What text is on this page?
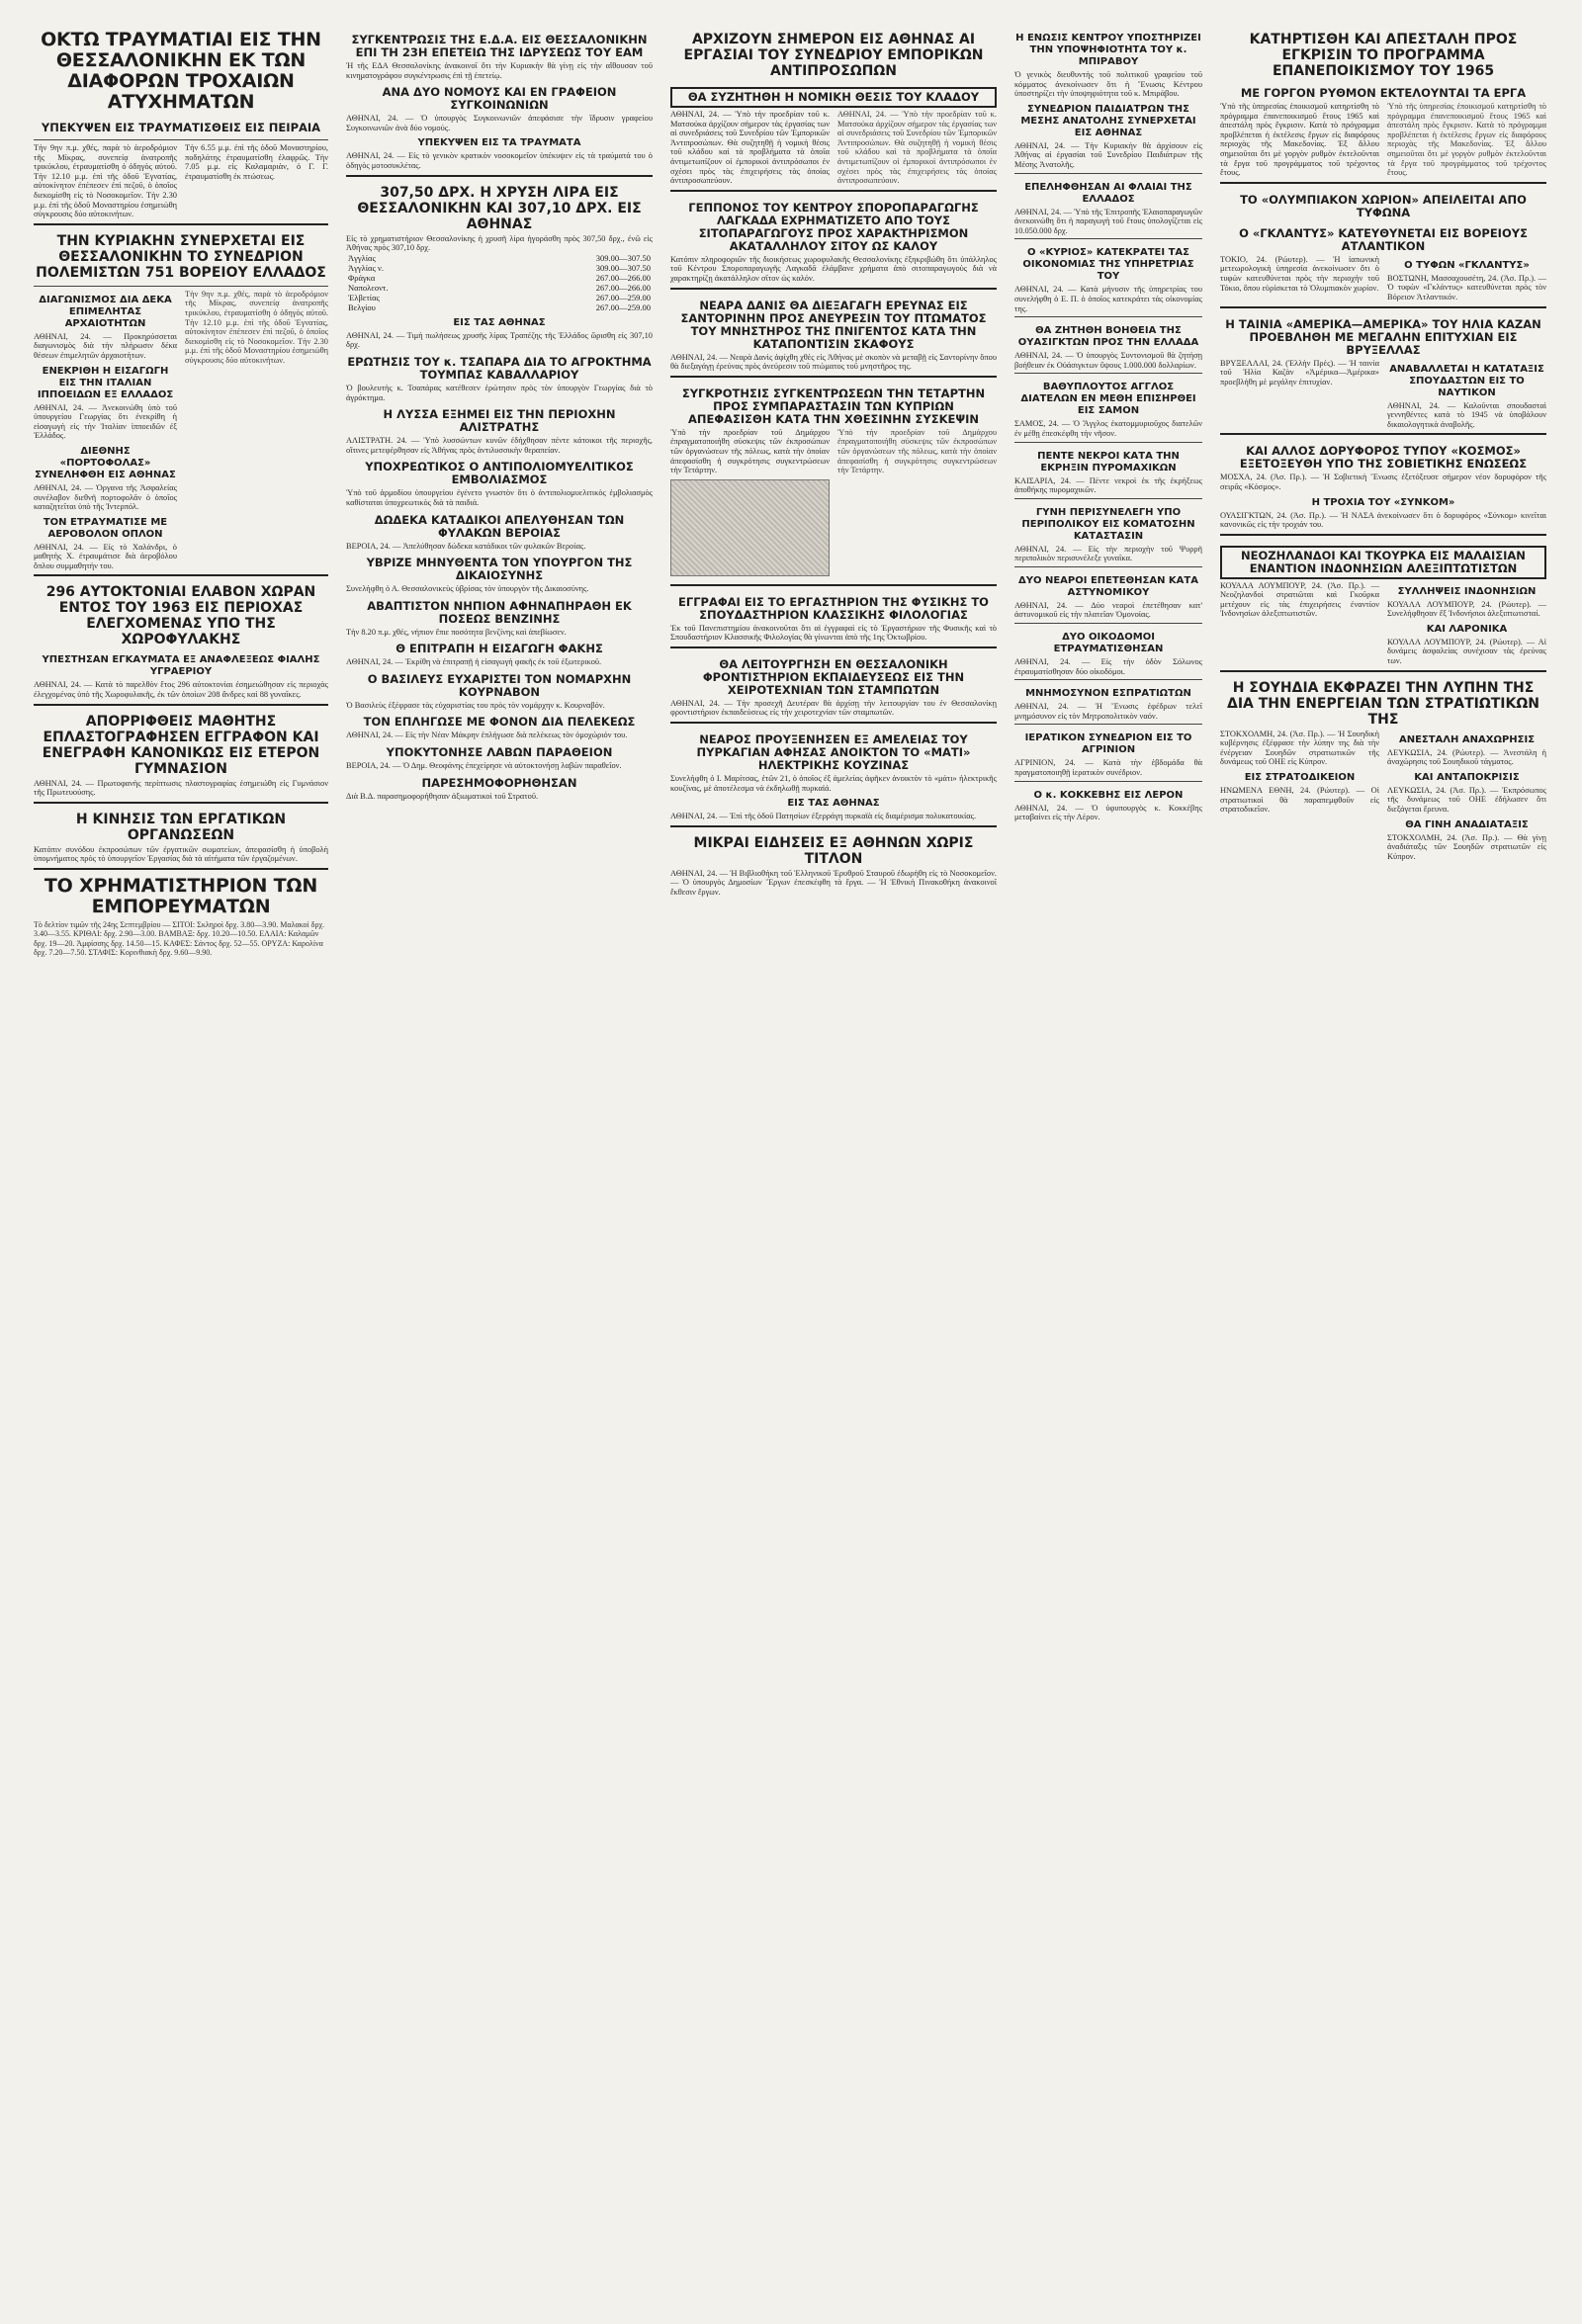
ΟΚΤΩ ΤΡΑΥΜΑΤΙΑΙ ΕΙΣ ΤΗΝ ΘΕΣΣΑΛΟΝΙΚΗΝ ΕΚ ΤΩΝ ΔΙΑΦΟΡΩΝ ΤΡΟΧΑΙΩΝ ΑΤΥΧΗΜΑΤΩΝ
ΥΠΕΚΥΨΕΝ ΕΙΣ ΤΡΑΥΜΑΤΙΣΘΕΙΣ ΕΙΣ ΠΕΙΡΑΙΑ
Τὴν 9ην π.μ. χθές, παρὰ τὸ ἀεροδρόμιον τῆς Μίκρας, συνεπείᾳ ἀνατροπῆς τρικύκλου, ἐτραυματίσθη ὁ ὁδηγὸς αὐτοῦ. Τὴν 12.10 μ.μ. ἐπὶ τῆς ὁδοῦ Ἐγνατίας, αὐτοκίνητον ἐπέπεσεν ἐπὶ πεζοῦ, ὁ ὁποῖος διεκομίσθη εἰς τὸ Νοσοκομεῖον. Τὴν 2.30 μ.μ. ἐπὶ τῆς ὁδοῦ Μοναστηρίου ἐσημειώθη σύγκρουσις δύο αὐτοκινήτων.
Τὴν 6.55 μ.μ. ἐπὶ τῆς ὁδοῦ Μοναστηρίου, ποδηλάτης ἐτραυματίσθη ἐλαφρῶς. Τὴν 7.05 μ.μ. εἰς Καλαμαριὰν, ὁ Γ. Γ. ἐτραυματίσθη ἐκ πτώσεως.
ΤΗΝ ΚΥΡΙΑΚΗΝ ΣΥΝΕΡΧΕΤΑΙ ΕΙΣ ΘΕΣΣΑΛΟΝΙΚΗΝ ΤΟ ΣΥΝΕΔΡΙΟΝ ΠΟΛΕΜΙΣΤΩΝ 751 ΒΟΡΕΙΟΥ ΕΛΛΑΔΟΣ
ΔΙΑΓΩΝΙΣΜΟΣ ΔΙΑ ΔΕΚΑ ΕΠΙΜΕΛΗΤΑΣ ΑΡΧΑΙΟΤΗΤΩΝ
ΑΘΗΝΑΙ, 24. — Προκηρύσσεται διαγωνισμὸς διὰ τὴν πλήρωσιν δέκα θέσεων ἐπιμελητῶν ἀρχαιοτήτων.
ΕΝΕΚΡΙΘΗ Η ΕΙΣΑΓΩΓΗ ΕΙΣ ΤΗΝ ΙΤΑΛΙΑΝ ΙΠΠΟΕΙΔΩΝ ΕΞ ΕΛΛΑΔΟΣ
ΑΘΗΝΑΙ, 24. — Ἀνεκοινώθη ὑπὸ τοῦ ὑπουργείου Γεωργίας ὅτι ἐνεκρίθη ἡ εἰσαγωγὴ εἰς τὴν Ἰταλίαν ἱπποειδῶν ἐξ Ἑλλάδος.
ΔΙΕΘΝΗΣ «ΠΟΡΤΟΦΟΛΑΣ» ΣΥΝΕΛΗΦΘΗ ΕΙΣ ΑΘΗΝΑΣ
ΑΘΗΝΑΙ, 24. — Ὀργανα τῆς Ἀσφαλείας συνέλαβον διεθνῆ πορτοφολᾶν ὁ ὁποῖος καταζητεῖται ὑπὸ τῆς Ἰντερπόλ.
ΤΟΝ ΕΤΡΑΥΜΑΤΙΣΕ ΜΕ ΑΕΡΟΒΟΛΟΝ ΟΠΛΟΝ
ΑΘΗΝΑΙ, 24. — Εἰς τὸ Χαλάνδρι, ὁ μαθητὴς Χ. ἐτραυμάτισε διὰ ἀεροβόλου ὅπλου συμμαθητήν του.
Τὴν 9ην π.μ. χθές, παρὰ τὸ ἀεροδρόμιον τῆς Μίκρας, συνεπείᾳ ἀνατροπῆς τρικύκλου, ἐτραυματίσθη ὁ ὁδηγὸς αὐτοῦ. Τὴν 12.10 μ.μ. ἐπὶ τῆς ὁδοῦ Ἐγνατίας, αὐτοκίνητον ἐπέπεσεν ἐπὶ πεζοῦ, ὁ ὁποῖος διεκομίσθη εἰς τὸ Νοσοκομεῖον. Τὴν 2.30 μ.μ. ἐπὶ τῆς ὁδοῦ Μοναστηρίου ἐσημειώθη σύγκρουσις δύο αὐτοκινήτων.
296 ΑΥΤΟΚΤΟΝΙΑΙ ΕΛΑΒΟΝ ΧΩΡΑΝ ΕΝΤΟΣ ΤΟΥ 1963 ΕΙΣ ΠΕΡΙΟΧΑΣ ΕΛΕΓΧΟΜΕΝΑΣ ΥΠΟ ΤΗΣ ΧΩΡΟΦΥΛΑΚΗΣ
ΥΠΕΣΤΗΣΑΝ ΕΓΚΑΥΜΑΤΑ ΕΞ ΑΝΑΦΛΕΞΕΩΣ ΦΙΑΛΗΣ ΥΓΡΑΕΡΙΟΥ
ΑΘΗΝΑΙ, 24. — Κατὰ τὸ παρελθὸν ἔτος 296 αὐτοκτονίαι ἐσημειώθησαν εἰς περιοχὰς ἐλεγχομένας ὑπὸ τῆς Χωροφυλακῆς, ἐκ τῶν ὁποίων 208 ἄνδρες καὶ 88 γυναῖκες.
ΑΠΟΡΡΙΦΘΕΙΣ ΜΑΘΗΤΗΣ ΕΠΛΑΣΤΟΓΡΑΦΗΣΕΝ ΕΓΓΡΑΦΟΝ ΚΑΙ ΕΝΕΓΡΑΦΗ ΚΑΝΟΝΙΚΩΣ ΕΙΣ ΕΤΕΡΟΝ ΓΥΜΝΑΣΙΟΝ
ΑΘΗΝΑΙ, 24. — Πρωτοφανὴς περίπτωσις πλαστογραφίας ἐσημειώθη εἰς Γυμνάσιον τῆς Πρωτευούσης.
Η ΚΙΝΗΣΙΣ ΤΩΝ ΕΡΓΑΤΙΚΩΝ ΟΡΓΑΝΩΣΕΩΝ
Κατόπιν συνόδου ἐκπροσώπων τῶν ἐργατικῶν σωματείων, ἀπεφασίσθη ἡ ὑποβολὴ ὑπομνήματος πρὸς τὸ ὑπουργεῖον Ἐργασίας διὰ τὰ αἰτήματα τῶν ἐργαζομένων.
ΤΟ ΧΡΗΜΑΤΙΣΤΗΡΙΟΝ ΤΩΝ ΕΜΠΟΡΕΥΜΑΤΩΝ
Τὸ δελτίον τιμῶν τῆς 24ης Σεπτεμβρίου — ΣΙΤΟΙ: Σκληροὶ δρχ. 3.80—3.90. Μαλακοὶ δρχ. 3.40—3.55. ΚΡΙΘΑΙ: δρχ. 2.90—3.00. ΒΑΜΒΑΞ: δρχ. 10.20—10.50. ΕΛΑΙΑ: Καλαμῶν δρχ. 19—20. Ἀμφίσσης δρχ. 14.50—15. ΚΑΦΕΣ: Σάντος δρχ. 52—55. ΟΡΥΖΑ: Καρολίνα δρχ. 7.20—7.50. ΣΤΑΦΙΣ: Κορινθιακὴ δρχ. 9.60—9.90.
ΣΥΓΚΕΝΤΡΩΣΙΣ ΤΗΣ Ε.Δ.Α. ΕΙΣ ΘΕΣΣΑΛΟΝΙΚΗΝ ΕΠΙ ΤΗ 23Η ΕΠΕΤΕΙΩ ΤΗΣ ΙΔΡΥΣΕΩΣ ΤΟΥ ΕΑΜ
Ἡ τῆς ΕΔΑ Θεσσαλονίκης ἀνακοινοῖ ὅτι τὴν Κυριακὴν θὰ γίνῃ εἰς τὴν αἴθουσαν τοῦ κινηματογράφου συγκέντρωσις ἐπὶ τῇ ἐπετείῳ.
ΑΝΑ ΔΥΟ ΝΟΜΟΥΣ ΚΑΙ ΕΝ ΓΡΑΦΕΙΟΝ ΣΥΓΚΟΙΝΩΝΙΩΝ
ΑΘΗΝΑΙ, 24. — Ὁ ὑπουργὸς Συγκοινωνιῶν ἀπεφάσισε τὴν ἵδρυσιν γραφείου Συγκοινωνιῶν ἀνὰ δύο νομούς.
ΥΠΕΚΥΨΕΝ ΕΙΣ ΤΑ ΤΡΑΥΜΑΤΑ
ΑΘΗΝΑΙ, 24. — Εἰς τὸ γενικὸν κρατικὸν νοσοκομεῖον ὑπέκυψεν εἰς τὰ τραύματά του ὁ ὁδηγὸς μοτοσυκλέτας.
307,50 ΔΡΧ. Η ΧΡΥΣΗ ΛΙΡΑ ΕΙΣ ΘΕΣΣΑΛΟΝΙΚΗΝ ΚΑΙ 307,10 ΔΡΧ. ΕΙΣ ΑΘΗΝΑΣ
Εἰς τὸ χρηματιστήριον Θεσσαλονίκης ἡ χρυσῆ λίρα ἠγοράσθη πρὸς 307,50 δρχ., ἐνῶ εἰς Ἀθήνας πρὸς 307,10 δρχ.
Ἀγγλίας	309.00—307.50
Ἀγγλίας ν.	309.00—307.50
Φράγκα	267.00—266.00
Ναπολεοντ.	267.00—266.00
Ἑλβετίας	267.00—259.00
Βελγίου	267.00—259.00
ΕΙΣ ΤΑΣ ΑΘΗΝΑΣ
ΑΘΗΝΑΙ, 24. — Τιμὴ πωλήσεως χρυσῆς λίρας Τραπέζης τῆς Ἑλλάδος ὥρισθη εἰς 307,10 δρχ.
ΕΡΩΤΗΣΙΣ ΤΟΥ κ. ΤΣΑΠΑΡΑ ΔΙΑ ΤΟ ΑΓΡΟΚΤΗΜΑ ΤΟΥΜΠΑΣ ΚΑΒΑΛΛΑΡΙΟΥ
Ὁ βουλευτὴς κ. Τσαπάρας κατέθεσεν ἐρώτησιν πρὸς τὸν ὑπουργὸν Γεωργίας διὰ τὸ ἀγρόκτημα.
Η ΛΥΣΣΑ ΕΞΗΜΕΙ ΕΙΣ ΤΗΝ ΠΕΡΙΟΧΗΝ ΑΛΙΣΤΡΑΤΗΣ
ΑΛΙΣΤΡΑΤΗ. 24. — Ὑπὸ λυσσώντων κυνῶν ἐδήχθησαν πέντε κάτοικοι τῆς περιοχῆς, οἵτινες μετεφέρθησαν εἰς Ἀθήνας πρὸς ἀντιλυσσικὴν θεραπείαν.
ΥΠΟΧΡΕΩΤΙΚΟΣ Ο ΑΝΤΙΠΟΛΙΟΜΥΕΛΙΤΙΚΟΣ ΕΜΒΟΛΙΑΣΜΟΣ
Ὑπὸ τοῦ ἁρμοδίου ὑπουργείου ἐγένετο γνωστὸν ὅτι ὁ ἀντιπολιομυελιτικὸς ἐμβολιασμὸς καθίσταται ὑποχρεωτικὸς διὰ τὰ παιδιά.
ΔΩΔΕΚΑ ΚΑΤΑΔΙΚΟΙ ΑΠΕΛΥΘΗΣΑΝ ΤΩΝ ΦΥΛΑΚΩΝ ΒΕΡΟΙΑΣ
ΒΕΡΟΙΑ, 24. — Ἀπελύθησαν δώδεκα κατάδικοι τῶν φυλακῶν Βεροίας.
ΥΒΡΙΖΕ ΜΗΝΥΘΕΝΤΑ ΤΟΝ ΥΠΟΥΡΓΟΝ ΤΗΣ ΔΙΚΑΙΟΣΥΝΗΣ
Συνελήφθη ὁ Α. Θεσσαλονικεὺς ὑβρίσας τὸν ὑπουργὸν τῆς Δικαιοσύνης.
ΑΒΑΠΤΙΣΤΟΝ ΝΗΠΙΟΝ ΑΦΗΝΑΠΗΡΑΘΗ ΕΚ ΠΟΣΕΩΣ ΒΕΝΖΙΝΗΣ
Τὴν 8.20 π.μ. χθές, νήπιον ἔπιε ποσότητα βενζίνης καὶ ἀπεβίωσεν.
Θ ΕΠΙΤΡΑΠΗ Η ΕΙΣΑΓΩΓΗ ΦΑΚΗΣ
ΑΘΗΝΑΙ, 24. — Ἐκρίθη νὰ ἐπιτραπῇ ἡ εἰσαγωγὴ φακῆς ἐκ τοῦ ἐξωτερικοῦ.
Ο ΒΑΣΙΛΕΥΣ ΕΥΧΑΡΙΣΤΕΙ ΤΟΝ ΝΟΜΑΡΧΗΝ ΚΟΥΡΝΑΒΟΝ
Ὁ Βασιλεὺς ἐξέφρασε τὰς εὐχαριστίας του πρὸς τὸν νομάρχην κ. Κουρναβόν.
ΤΟΝ ΕΠΛΗΓΩΣΕ ΜΕ ΦΟΝΟΝ ΔΙΑ ΠΕΛΕΚΕΩΣ
ΑΘΗΝΑΙ, 24. — Εἰς τὴν Νέαν Μάκρην ἐπλήγωσε διὰ πελέκεως τὸν ὁμοχώριόν του.
ΥΠΟΚΥΤΟΝΗΣΕ ΛΑΒΩΝ ΠΑΡΑΘΕΙΟΝ
ΒΕΡΟΙΑ, 24. — Ὁ Δημ. Θεοφάνης ἐπεχείρησε νὰ αὐτοκτονήσῃ λαβὼν παραθεῖον.
ΠΑΡΕΣΗΜΟΦΟΡΗΘΗΣΑΝ
Διὰ Β.Δ. παρασημοφορήθησαν ἀξιωματικοὶ τοῦ Στρατοῦ.
ΑΡΧΙΖΟΥΝ ΣΗΜΕΡΟΝ ΕΙΣ ΑΘΗΝΑΣ ΑΙ ΕΡΓΑΣΙΑΙ ΤΟΥ ΣΥΝΕΔΡΙΟΥ ΕΜΠΟΡΙΚΩΝ ΑΝΤΙΠΡΟΣΩΠΩΝ
ΘΑ ΣΥΖΗΤΗΘΗ Η ΝΟΜΙΚΗ ΘΕΣΙΣ ΤΟΥ ΚΛΑΔΟΥ
ΑΘΗΝΑΙ, 24. — Ὑπὸ τὴν προεδρίαν τοῦ κ. Ματσούκα ἀρχίζουν σήμερον τὰς ἐργασίας των αἱ συνεδριάσεις τοῦ Συνεδρίου τῶν Ἐμπορικῶν Ἀντιπροσώπων. Θὰ συζητηθῇ ἡ νομικὴ θέσις τοῦ κλάδου καὶ τὰ προβλήματα τὰ ὁποῖα ἀντιμετωπίζουν οἱ ἐμπορικοὶ ἀντιπρόσωποι ἐν σχέσει πρὸς τὰς ἐπιχειρήσεις τὰς ὁποίας ἀντιπροσωπεύουν.
ΑΘΗΝΑΙ, 24. — Ὑπὸ τὴν προεδρίαν τοῦ κ. Ματσούκα ἀρχίζουν σήμερον τὰς ἐργασίας των αἱ συνεδριάσεις τοῦ Συνεδρίου τῶν Ἐμπορικῶν Ἀντιπροσώπων. Θὰ συζητηθῇ ἡ νομικὴ θέσις τοῦ κλάδου καὶ τὰ προβλήματα τὰ ὁποῖα ἀντιμετωπίζουν οἱ ἐμπορικοὶ ἀντιπρόσωποι ἐν σχέσει πρὸς τὰς ἐπιχειρήσεις τὰς ὁποίας ἀντιπροσωπεύουν.
ΓΕΠΠΟΝΟΣ ΤΟΥ ΚΕΝΤΡΟΥ ΣΠΟΡΟΠΑΡΑΓΩΓΗΣ ΛΑΓΚΑΔΑ ΕΧΡΗΜΑΤΙΖΕΤΟ ΑΠΟ ΤΟΥΣ ΣΙΤΟΠΑΡΑΓΩΓΟΥΣ ΠΡΟΣ ΧΑΡΑΚΤΗΡΙΣΜΟΝ ΑΚΑΤΑΛΛΗΛΟΥ ΣΙΤΟΥ ΩΣ ΚΑΛΟΥ
Κατόπιν πληροφοριῶν τῆς διοικήσεως χωροφυλακῆς Θεσσαλονίκης ἐξηκριβώθη ὅτι ὑπάλληλος τοῦ Κέντρου Σποροπαραγωγῆς Λαγκαδᾶ ἐλάμβανε χρήματα ἀπὸ σιτοπαραγωγοὺς διὰ νὰ χαρακτηρίζῃ ἀκατάλληλον σῖτον ὡς καλόν.
ΝΕΑΡΑ ΔΑΝΙΣ ΘΑ ΔΙΕΞΑΓΑΓΗ ΕΡΕΥΝΑΣ ΕΙΣ ΣΑΝΤΟΡΙΝΗΝ ΠΡΟΣ ΑΝΕΥΡΕΣΙΝ ΤΟΥ ΠΤΩΜΑΤΟΣ ΤΟΥ ΜΝΗΣΤΗΡΟΣ ΤΗΣ ΠΝΙΓΕΝΤΟΣ ΚΑΤΑ ΤΗΝ ΚΑΤΑΠΟΝΤΙΣΙΝ ΣΚΑΦΟΥΣ
ΑΘΗΝΑΙ, 24. — Νεαρὰ Δανὶς ἀφίχθη χθὲς εἰς Ἀθήνας μὲ σκοπὸν νὰ μεταβῇ εἰς Σαντορίνην ὅπου θὰ διεξαγάγῃ ἐρεύνας πρὸς ἀνεύρεσιν τοῦ πτώματος τοῦ μνηστῆρος της.
ΣΥΓΚΡΟΤΗΣΙΣ ΣΥΓΚΕΝΤΡΩΣΕΩΝ ΤΗΝ ΤΕΤΑΡΤΗΝ ΠΡΟΣ ΣΥΜΠΑΡΑΣΤΑΣΙΝ ΤΩΝ ΚΥΠΡΙΩΝ ΑΠΕΦΑΣΙΣΘΗ ΚΑΤΑ ΤΗΝ ΧΘΕΣΙΝΗΝ ΣΥΣΚΕΨΙΝ
Ὑπὸ τὴν προεδρίαν τοῦ Δημάρχου ἐπραγματοποιήθη σύσκεψις τῶν ἐκπροσώπων τῶν ὀργανώσεων τῆς πόλεως, κατὰ τὴν ὁποίαν ἀπεφασίσθη ἡ συγκρότησις συγκεντρώσεων τὴν Τετάρτην.
Ὑπὸ τὴν προεδρίαν τοῦ Δημάρχου ἐπραγματοποιήθη σύσκεψις τῶν ἐκπροσώπων τῶν ὀργανώσεων τῆς πόλεως, κατὰ τὴν ὁποίαν ἀπεφασίσθη ἡ συγκρότησις συγκεντρώσεων τὴν Τετάρτην.
ΕΓΓΡΑΦΑΙ ΕΙΣ ΤΟ ΕΡΓΑΣΤΗΡΙΟΝ ΤΗΣ ΦΥΣΙΚΗΣ ΤΟ ΣΠΟΥΔΑΣΤΗΡΙΟΝ ΚΛΑΣΣΙΚΗΣ ΦΙΛΟΛΟΓΙΑΣ
Ἐκ τοῦ Πανεπιστημίου ἀνακοινοῦται ὅτι αἱ ἐγγραφαὶ εἰς τὸ Ἐργαστήριον τῆς Φυσικῆς καὶ τὸ Σπουδαστήριον Κλασσικῆς Φιλολογίας θὰ γίνωνται ἀπὸ τῆς 1ης Ὀκτωβρίου.
ΘΑ ΛΕΙΤΟΥΡΓΗΣΗ ΕΝ ΘΕΣΣΑΛΟΝΙΚΗ ΦΡΟΝΤΙΣΤΗΡΙΟΝ ΕΚΠΑΙΔΕΥΣΕΩΣ ΕΙΣ ΤΗΝ ΧΕΙΡΟΤΕΧΝΙΑΝ ΤΩΝ ΣΤΑΜΠΩΤΩΝ
ΑΘΗΝΑΙ, 24. — Τὴν προσεχῆ Δευτέραν θὰ ἀρχίσῃ τὴν λειτουργίαν του ἐν Θεσσαλονίκῃ φροντιστήριον ἐκπαιδεύσεως εἰς τὴν χειροτεχνίαν τῶν σταμπωτῶν.
ΝΕΑΡΟΣ ΠΡΟΥΞΕΝΗΣΕΝ ΕΞ ΑΜΕΛΕΙΑΣ ΤΟΥ ΠΥΡΚΑΓΙΑΝ ΑΦΗΣΑΣ ΑΝΟΙΚΤΟΝ ΤΟ «ΜΑΤΙ» ΗΛΕΚΤΡΙΚΗΣ ΚΟΥΖΙΝΑΣ
Συνελήφθη ὁ Ι. Μαρίτσας, ἐτῶν 21, ὁ ὁποῖος ἐξ ἀμελείας ἀφῆκεν ἀνοικτὸν τὸ «μάτι» ἠλεκτρικῆς κουζίνας, μὲ ἀποτέλεσμα νὰ ἐκδηλωθῇ πυρκαϊά.
ΕΙΣ ΤΑΣ ΑΘΗΝΑΣ
ΑΘΗΝΑΙ, 24. — Ἐπὶ τῆς ὁδοῦ Πατησίων ἐξερράγη πυρκαϊὰ εἰς διαμέρισμα πολυκατοικίας.
ΜΙΚΡΑΙ ΕΙΔΗΣΕΙΣ ΕΞ ΑΘΗΝΩΝ ΧΩΡΙΣ ΤΙΤΛΟΝ
ΑΘΗΝΑΙ, 24. — Ἡ Βιβλιοθήκη τοῦ Ἑλληνικοῦ Ἐρυθροῦ Σταυροῦ ἐδωρήθη εἰς τὸ Νοσοκομεῖον. — Ὁ ὑπουργὸς Δημοσίων Ἔργων ἐπεσκέφθη τὰ ἔργα. — Ἡ Ἐθνικὴ Πινακοθήκη ἀνακοινοῖ ἔκθεσιν ἔργων.
Η ΕΝΩΣΙΣ ΚΕΝΤΡΟΥ ΥΠΟΣΤΗΡΙΖΕΙ ΤΗΝ ΥΠΟΨΗΦΙΟΤΗΤΑ ΤΟΥ κ. ΜΠΙΡΑΒΟΥ
Ὁ γενικὸς διευθυντὴς τοῦ πολιτικοῦ γραφείου τοῦ κόμματος ἀνεκοίνωσεν ὅτι ἡ Ἕνωσις Κέντρου ὑποστηρίζει τὴν ὑποψηφιότητα τοῦ κ. Μπιράβου.
ΣΥΝΕΔΡΙΟΝ ΠΑΙΔΙΑΤΡΩΝ ΤΗΣ ΜΕΣΗΣ ΑΝΑΤΟΛΗΣ ΣΥΝΕΡΧΕΤΑΙ ΕΙΣ ΑΘΗΝΑΣ
ΑΘΗΝΑΙ, 24. — Τὴν Κυριακὴν θὰ ἀρχίσουν εἰς Ἀθήνας αἱ ἐργασίαι τοῦ Συνεδρίου Παιδιάτρων τῆς Μέσης Ἀνατολῆς.
ΕΠΕΛΗΦΘΗΣΑΝ ΑΙ ΦΛΑΙΑΙ ΤΗΣ ΕΛΛΑΔΟΣ
ΑΘΗΝΑΙ, 24. — Ὑπὸ τῆς Ἐπιτροπῆς Ἐλαιοπαραγωγῶν ἀνεκοινώθη ὅτι ἡ παραγωγὴ τοῦ ἔτους ὑπολογίζεται εἰς 10.050.000 δρχ.
Ο «ΚΥΡΙΟΣ» ΚΑΤΕΚΡΑΤΕΙ ΤΑΣ ΟΙΚΟΝΟΜΙΑΣ ΤΗΣ ΥΠΗΡΕΤΡΙΑΣ ΤΟΥ
ΑΘΗΝΑΙ, 24. — Κατὰ μήνυσιν τῆς ὑπηρετρίας του συνελήφθη ὁ Ε. Π. ὁ ὁποῖος κατεκράτει τὰς οἰκονομίας της.
ΘΑ ΖΗΤΗΘΗ ΒΟΗΘΕΙΑ ΤΗΣ ΟΥΑΣΙΓΚΤΩΝ ΠΡΟΣ ΤΗΝ ΕΛΛΑΔΑ
ΑΘΗΝΑΙ, 24. — Ὁ ὑπουργὸς Συντονισμοῦ θὰ ζητήσῃ βοήθειαν ἐκ Οὐάσιγκτων ὕψους 1.000.000 δολλαρίων.
ΒΑΘΥΠΛΟΥΤΟΣ ΑΓΓΛΟΣ ΔΙΑΤΕΛΩΝ ΕΝ ΜΕΘΗ ΕΠΙΣΗΡΘΕΙ ΕΙΣ ΣΑΜΟΝ
ΣΑΜΟΣ, 24. — Ὁ Ἄγγλος ἐκατομμυριοῦχος διατελῶν ἐν μέθῃ ἐπεσκέφθη τὴν νῆσον.
ΠΕΝΤΕ ΝΕΚΡΟΙ ΚΑΤΑ ΤΗΝ ΕΚΡΗΞΙΝ ΠΥΡΟΜΑΧΙΚΩΝ
ΚΑΙΣΑΡΙΑ, 24. — Πέντε νεκροὶ ἐκ τῆς ἐκρήξεως ἀποθήκης πυρομαχικῶν.
ΓΥΝΗ ΠΕΡΙΣΥΝΕΛΕΓΗ ΥΠΟ ΠΕΡΙΠΟΛΙΚΟΥ ΕΙΣ ΚΟΜΑΤΟΣΗΝ ΚΑΤΑΣΤΑΣΙΝ
ΑΘΗΝΑΙ, 24. — Εἰς τὴν περιοχὴν τοῦ Ψυρρῆ περιπολικὸν περισυνέλεξε γυναῖκα.
ΔΥΟ ΝΕΑΡΟΙ ΕΠΕΤΕΘΗΣΑΝ ΚΑΤΑ ΑΣΤΥΝΟΜΙΚΟΥ
ΑΘΗΝΑΙ, 24. — Δύο νεαροὶ ἐπετέθησαν κατ' ἀστυνομικοῦ εἰς τὴν πλατεῖαν Ὁμονοίας.
ΔΥΟ ΟΙΚΟΔΟΜΟΙ ΕΤΡΑΥΜΑΤΙΣΘΗΣΑΝ
ΑΘΗΝΑΙ, 24. — Εἰς τὴν ὁδὸν Σόλωνος ἐτραυματίσθησαν δύο οἰκοδόμοι.
ΜΝΗΜΟΣΥΝΟΝ ΕΣΠΡΑΤΙΩΤΩΝ
ΑΘΗΝΑΙ, 24. — Ἡ Ἕνωσις ἐφέδρων τελεῖ μνημόσυνον εἰς τὸν Μητροπολιτικὸν ναόν.
ΙΕΡΑΤΙΚΟΝ ΣΥΝΕΔΡΙΟΝ ΕΙΣ ΤΟ ΑΓΡΙΝΙΟΝ
ΑΓΡΙΝΙΟΝ, 24. — Κατὰ τὴν ἑβδομάδα θὰ πραγματοποιηθῇ ἱερατικὸν συνέδριον.
Ο κ. ΚΟΚΚΕΒΗΣ ΕΙΣ ΛΕΡΟΝ
ΑΘΗΝΑΙ, 24. — Ὁ ὑφυπουργὸς κ. Κοκκέβης μεταβαίνει εἰς τὴν Λέρον.
ΚΑΤΗΡΤΙΣΘΗ ΚΑΙ ΑΠΕΣΤΑΛΗ ΠΡΟΣ ΕΓΚΡΙΣΙΝ ΤΟ ΠΡΟΓΡΑΜΜΑ ΕΠΑΝΕΠΟΙΚΙΣΜΟΥ ΤΟΥ 1965
ΜΕ ΓΟΡΓΟΝ ΡΥΘΜΟΝ ΕΚΤΕΛΟΥΝΤΑΙ ΤΑ ΕΡΓΑ
Ὑπὸ τῆς ὑπηρεσίας ἐποικισμοῦ κατηρτίσθη τὸ πρόγραμμα ἐπανεποικισμοῦ ἔτους 1965 καὶ ἀπεστάλη πρὸς ἔγκρισιν. Κατὰ τὸ πρόγραμμα προβλέπεται ἡ ἐκτέλεσις ἔργων εἰς διαφόρους περιοχὰς τῆς Μακεδονίας. Ἐξ ἄλλου σημειοῦται ὅτι μὲ γοργὸν ρυθμὸν ἐκτελοῦνται τὰ ἔργα τοῦ προγράμματος τοῦ τρέχοντος ἔτους.
Ὑπὸ τῆς ὑπηρεσίας ἐποικισμοῦ κατηρτίσθη τὸ πρόγραμμα ἐπανεποικισμοῦ ἔτους 1965 καὶ ἀπεστάλη πρὸς ἔγκρισιν. Κατὰ τὸ πρόγραμμα προβλέπεται ἡ ἐκτέλεσις ἔργων εἰς διαφόρους περιοχὰς τῆς Μακεδονίας. Ἐξ ἄλλου σημειοῦται ὅτι μὲ γοργὸν ρυθμὸν ἐκτελοῦνται τὰ ἔργα τοῦ προγράμματος τοῦ τρέχοντος ἔτους.
ΤΟ «ΟΛΥΜΠΙΑΚΟΝ ΧΩΡΙΟΝ» ΑΠΕΙΛΕΙΤΑΙ ΑΠΟ ΤΥΦΩΝΑ
Ο «ΓΚΛΑΝΤΥΣ» ΚΑΤΕΥΘΥΝΕΤΑΙ ΕΙΣ ΒΟΡΕΙΟΥΣ ΑΤΛΑΝΤΙΚΟΝ
ΤΟΚΙΟ, 24. (Ρώυτερ). — Ἡ ἰαπωνικὴ μετεωρολογικὴ ὑπηρεσία ἀνεκοίνωσεν ὅτι ὁ τυφὼν κατευθύνεται πρὸς τὴν περιοχὴν τοῦ Τόκιο, ὅπου εὑρίσκεται τὸ Ὀλυμπιακὸν χωρίον.
Ο ΤΥΦΩΝ «ΓΚΛΑΝΤΥΣ»
ΒΟΣΤΩΝΗ, Μασσαχουσέτη, 24. (Ἀσ. Πρ.). — Ὁ τυφὼν «Γκλάντυς» κατευθύνεται πρὸς τὸν Βόρειον Ἀτλαντικόν.
Η ΤΑΙΝΙΑ «ΑΜΕΡΙΚΑ—ΑΜΕΡΙΚΑ» ΤΟΥ ΗΛΙΑ ΚΑΖΑΝ ΠΡΟΕΒΛΗΘΗ ΜΕ ΜΕΓΑΛΗΝ ΕΠΙΤΥΧΙΑΝ ΕΙΣ ΒΡΥΞΕΛΛΑΣ
ΒΡΥΞΕΛΛΑΙ, 24. (Ἑλλὴν Πρὲς). — Ἡ ταινία τοῦ Ἠλία Καζὰν «Ἀμέρικα—Ἀμέρικα» προεβλήθη μὲ μεγάλην ἐπιτυχίαν.
ΑΝΑΒΑΛΛΕΤΑΙ Η ΚΑΤΑΤΑΞΙΣ ΣΠΟΥΔΑΣΤΩΝ ΕΙΣ ΤΟ ΝΑΥΤΙΚΟΝ
ΑΘΗΝΑΙ, 24. — Καλοῦνται σπουδασταὶ γεννηθέντες κατὰ τὸ 1945 νὰ ὑποβάλουν δικαιολογητικὰ ἀναβολῆς.
ΚΑΙ ΑΛΛΟΣ ΔΟΡΥΦΟΡΟΣ ΤΥΠΟΥ «ΚΟΣΜΟΣ» ΕΞΕΤΟΞΕΥΘΗ ΥΠΟ ΤΗΣ ΣΟΒΙΕΤΙΚΗΣ ΕΝΩΣΕΩΣ
ΜΟΣΧΑ, 24. (Ἀσ. Πρ.). — Ἡ Σοβιετικὴ Ἕνωσις ἐξετόξευσε σήμερον νέον δορυφόρον τῆς σειρᾶς «Κόσμος».
Η ΤΡΟΧΙΑ ΤΟΥ «ΣΥΝΚΟΜ»
ΟΥΑΣΙΓΚΤΩΝ, 24. (Ἀσ. Πρ.). — Ἡ ΝΑΣΑ ἀνεκοίνωσεν ὅτι ὁ δορυφόρος «Σύνκομ» κινεῖται κανονικῶς εἰς τὴν τροχιάν του.
ΝΕΟΖΗΛΑΝΔΟΙ ΚΑΙ ΤΚΟΥΡΚΑ ΕΙΣ ΜΑΛΑΙΣΙΑΝ ΕΝΑΝΤΙΟΝ ΙΝΔΟΝΗΣΙΩΝ ΑΛΕΞΙΠΤΩΤΙΣΤΩΝ
ΚΟΥΑΛΑ ΛΟΥΜΠΟΥΡ, 24. (Ἀσ. Πρ.). — Νεοζηλανδοὶ στρατιῶται καὶ Γκοῦρκα μετέχουν εἰς τὰς ἐπιχειρήσεις ἐναντίον Ἰνδονησίων ἀλεξιπτωτιστῶν.
ΣΥΛΛΗΨΕΙΣ ΙΝΔΟΝΗΣΙΩΝ
ΚΟΥΑΛΑ ΛΟΥΜΠΟΥΡ, 24. (Ρώυτερ). — Συνελήφθησαν ἕξ Ἰνδονήσιοι ἀλεξιπτωτισταί.
ΚΑΙ ΛΑΡΟΝΙΚΑ
ΚΟΥΑΛΑ ΛΟΥΜΠΟΥΡ, 24. (Ρώυτερ). — Αἱ δυνάμεις ἀσφαλείας συνέχισαν τὰς ἐρεύνας των.
Η ΣΟΥΗΔΙΑ ΕΚΦΡΑΖΕΙ ΤΗΝ ΛΥΠΗΝ ΤΗΣ ΔΙΑ ΤΗΝ ΕΝΕΡΓΕΙΑΝ ΤΩΝ ΣΤΡΑΤΙΩΤΙΚΩΝ ΤΗΣ
ΣΤΟΚΧΟΛΜΗ, 24. (Ἀσ. Πρ.). — Ἡ Σουηδικὴ κυβέρνησις ἐξέφρασε τὴν λύπην της διὰ τὴν ἐνέργειαν Σουηδῶν στρατιωτικῶν τῆς δυνάμεως τοῦ ΟΗΕ εἰς Κύπρον.
ΕΙΣ ΣΤΡΑΤΟΔΙΚΕΙΟΝ
ΗΝΩΜΕΝΑ ΕΘΝΗ, 24. (Ρώυτερ). — Οἱ στρατιωτικοὶ θὰ παραπεμφθοῦν εἰς στρατοδικεῖον.
ΑΝΕΣΤΑΛΗ ΑΝΑΧΩΡΗΣΙΣ
ΛΕΥΚΩΣΙΑ, 24. (Ρώυτερ). — Ἀνεστάλη ἡ ἀναχώρησις τοῦ Σουηδικοῦ τάγματος.
ΚΑΙ ΑΝΤΑΠΟΚΡΙΣΙΣ
ΛΕΥΚΩΣΙΑ, 24. (Ἀσ. Πρ.). — Ἐκπρόσωπος τῆς δυνάμεως τοῦ ΟΗΕ ἐδήλωσεν ὅτι διεξάγεται ἔρευνα.
ΘΑ ΓΙΝΗ ΑΝΑΔΙΑΤΑΞΙΣ
ΣΤΟΚΧΟΛΜΗ, 24. (Ἀσ. Πρ.). — Θὰ γίνῃ ἀναδιάταξις τῶν Σουηδῶν στρατιωτῶν εἰς Κύπρον.
